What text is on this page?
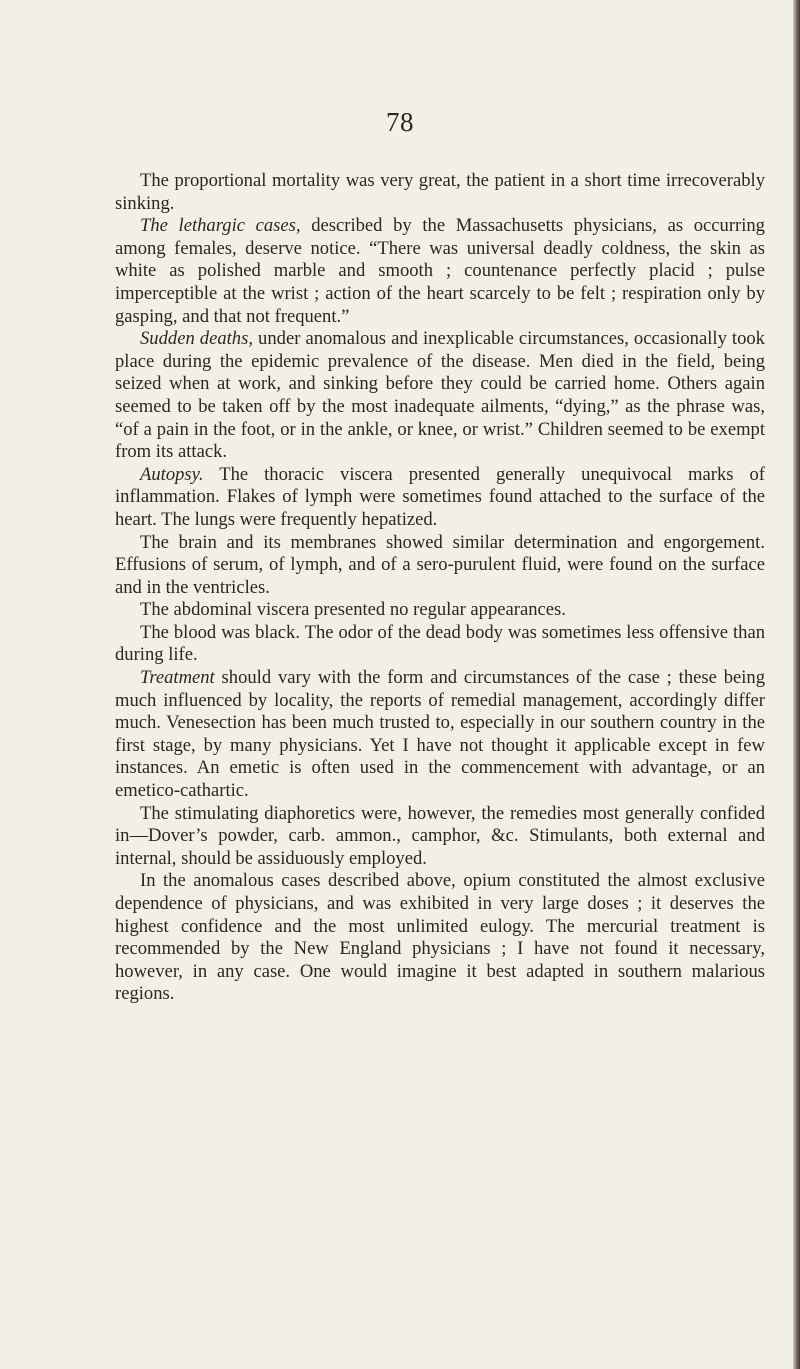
78

The proportional mortality was very great, the patient in a short time irrecoverably sinking.

The lethargic cases, described by the Massachusetts physicians, as occurring among females, deserve notice. “There was universal deadly coldness, the skin as white as polished marble and smooth ; countenance perfectly placid ; pulse imperceptible at the wrist ; action of the heart scarcely to be felt ; respiration only by gasping, and that not frequent.”

Sudden deaths, under anomalous and inexplicable circumstances, occasionally took place during the epidemic prevalence of the disease. Men died in the field, being seized when at work, and sinking before they could be carried home. Others again seemed to be taken off by the most inadequate ailments, “dying,” as the phrase was, “of a pain in the foot, or in the ankle, or knee, or wrist.” Children seemed to be exempt from its attack.

Autopsy. The thoracic viscera presented generally unequivocal marks of inflammation. Flakes of lymph were sometimes found attached to the surface of the heart. The lungs were frequently hepatized.

The brain and its membranes showed similar determination and engorgement. Effusions of serum, of lymph, and of a sero-purulent fluid, were found on the surface and in the ventricles.

The abdominal viscera presented no regular appearances.

The blood was black. The odor of the dead body was sometimes less offensive than during life.

Treatment should vary with the form and circumstances of the case ; these being much influenced by locality, the reports of remedial management, accordingly differ much. Venesection has been much trusted to, especially in our southern country in the first stage, by many physicians. Yet I have not thought it applicable except in few instances. An emetic is often used in the commencement with advantage, or an emetico-cathartic.

The stimulating diaphoretics were, however, the remedies most generally confided in—Dover’s powder, carb. ammon., camphor, &c. Stimulants, both external and internal, should be assiduously employed.

In the anomalous cases described above, opium constituted the almost exclusive dependence of physicians, and was exhibited in very large doses ; it deserves the highest confidence and the most unlimited eulogy. The mercurial treatment is recommended by the New England physicians ; I have not found it necessary, however, in any case. One would imagine it best adapted in southern malarious regions.
